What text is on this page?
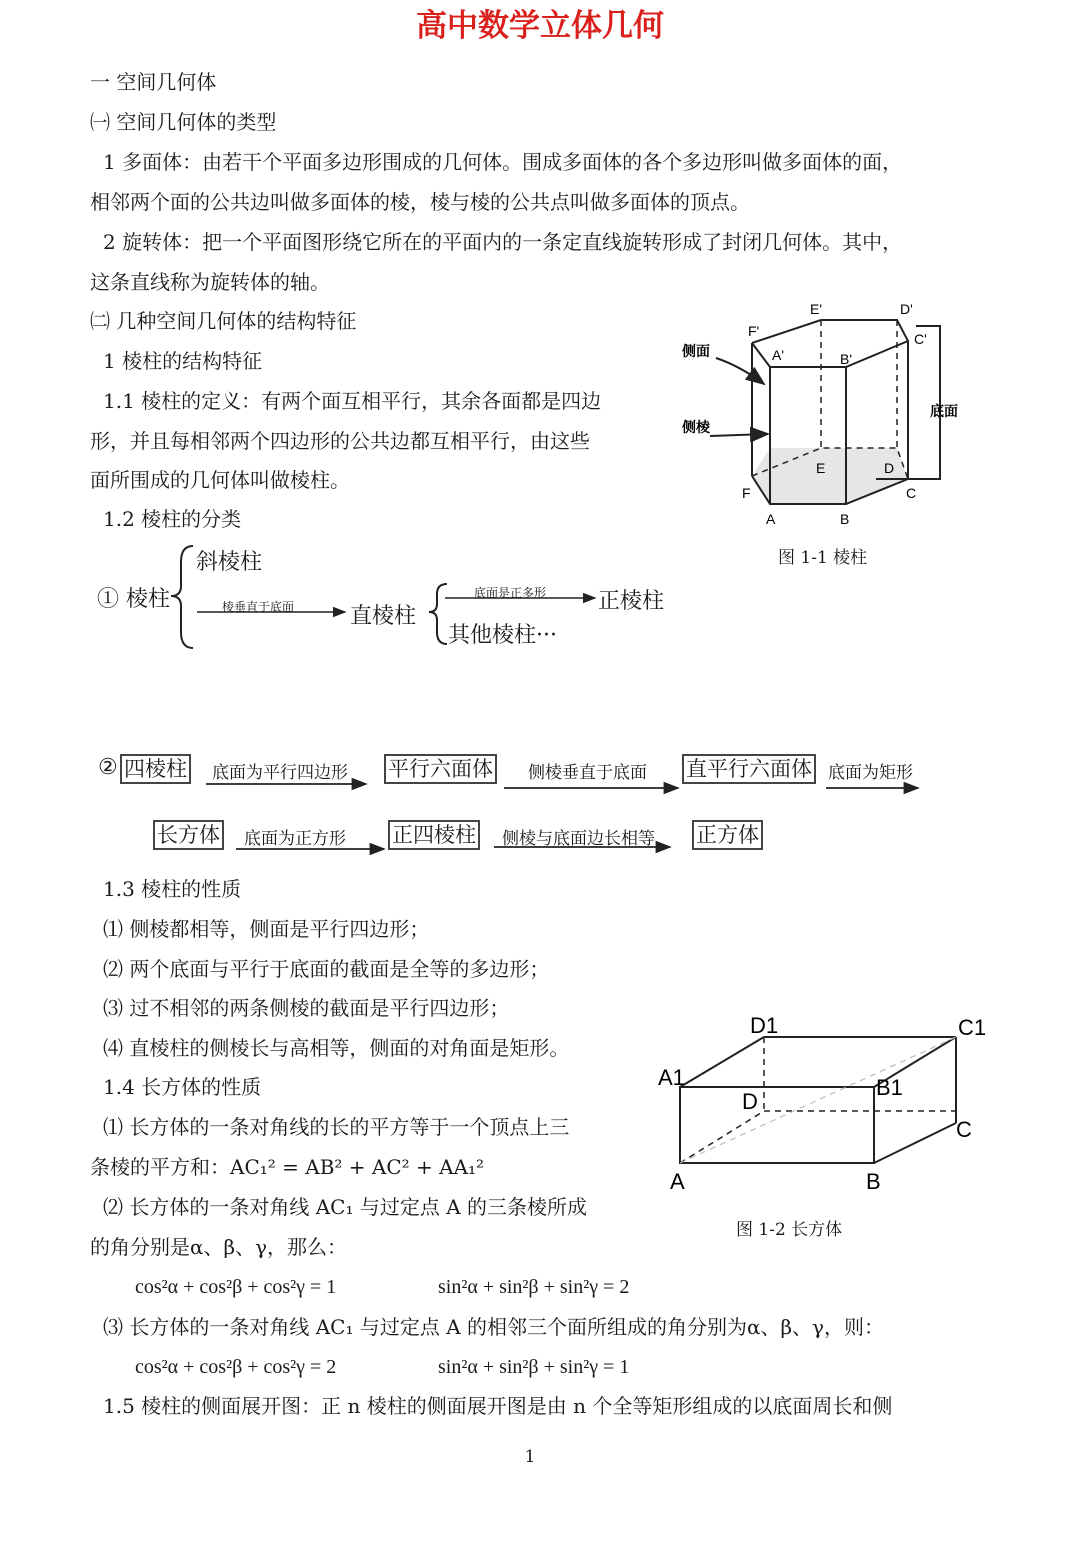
高中数学立体几何
一 空间几何体
㈠ 空间几何体的类型
1 多面体：由若干个平面多边形围成的几何体。围成多面体的各个多边形叫做多面体的面，
相邻两个面的公共边叫做多面体的棱，棱与棱的公共点叫做多面体的顶点。
2 旋转体：把一个平面图形绕它所在的平面内的一条定直线旋转形成了封闭几何体。其中，
这条直线称为旋转体的轴。
㈡ 几种空间几何体的结构特征
1 棱柱的结构特征
1.1 棱柱的定义：有两个面互相平行，其余各面都是四边
形，并且每相邻两个四边形的公共边都互相平行，由这些
面所围成的几何体叫做棱柱。
1.2 棱柱的分类
侧面
侧棱
底面
E'	D'
F'	C'
A'	B'
E	D
F	C
A	B
图 1-1 棱柱
① 棱柱
斜棱柱
棱垂直于底面	直棱柱
底面是正多形 正棱柱
其他棱柱···
② 四棱柱 底面为平行四边形 平行六面体 侧棱垂直于底面 直平行六面体 底面为矩形
长方体 底面为正方形 正四棱柱 侧棱与底面边长相等 正方体
1.3 棱柱的性质
⑴ 侧棱都相等，侧面是平行四边形；
⑵ 两个底面与平行于底面的截面是全等的多边形；
⑶ 过不相邻的两条侧棱的截面是平行四边形；
⑷ 直棱柱的侧棱长与高相等，侧面的对角面是矩形。
1.4 长方体的性质
⑴ 长方体的一条对角线的长的平方等于一个顶点上三
条棱的平方和：AC₁² = AB² + AC² + AA₁²
⑵ 长方体的一条对角线 AC₁ 与过定点 A 的三条棱所成
的角分别是α、β、γ，那么：
cos²α + cos²β + cos²γ = 1	sin²α + sin²β + sin²γ = 2
⑶ 长方体的一条对角线 AC₁ 与过定点 A 的相邻三个面所组成的角分别为α、β、γ，则：
cos²α + cos²β + cos²γ = 2	sin²α + sin²β + sin²γ = 1
1.5 棱柱的侧面展开图：正 n 棱柱的侧面展开图是由 n 个全等矩形组成的以底面周长和侧
D1	C1
A1	B1
D
C
A	B
图 1-2 长方体
1
